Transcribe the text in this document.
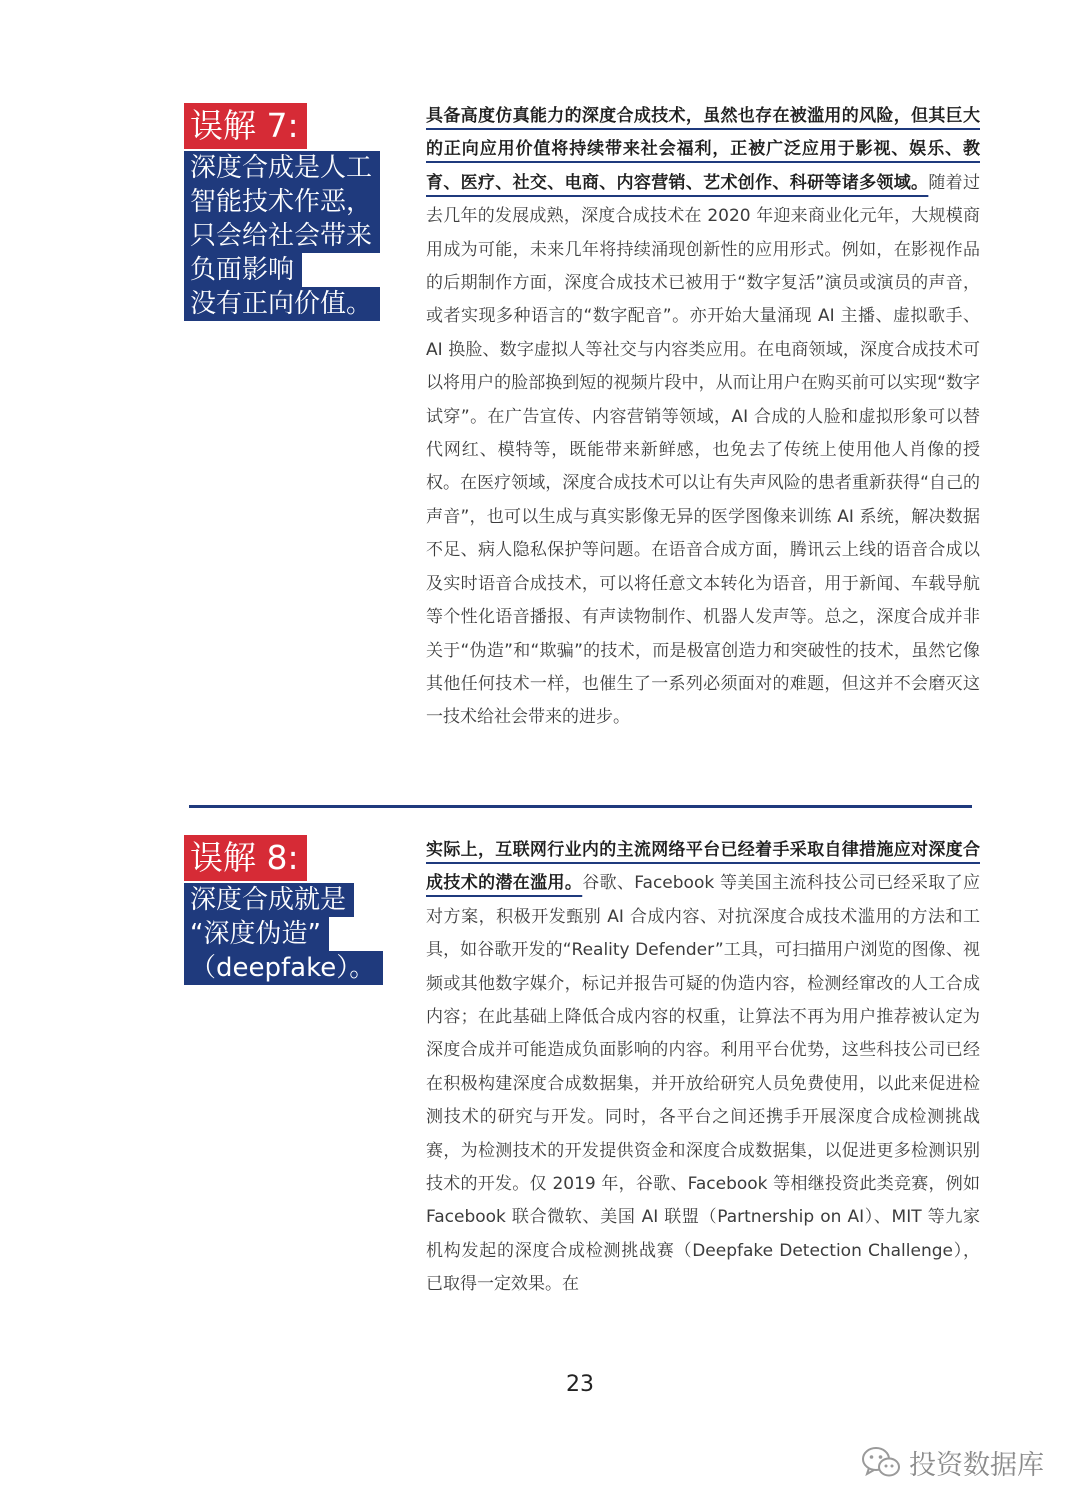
误解 7:
深度合成是人工
智能技术作恶，
只会给社会带来
负面影响
没有正向价值。
具备高度仿真能力的深度合成技术，虽然也存在被滥用的风险，但其巨大的正向应用价值将持续带来社会福利，正被广泛应用于影视、娱乐、教育、医疗、社交、电商、内容营销、艺术创作、科研等诸多领域。随着过去几年的发展成熟，深度合成技术在 2020 年迎来商业化元年，大规模商用成为可能，未来几年将持续涌现创新性的应用形式。例如，在影视作品的后期制作方面，深度合成技术已被用于“数字复活”演员或演员的声音，或者实现多种语言的“数字配音”。亦开始大量涌现 AI 主播、虚拟歌手、AI 换脸、数字虚拟人等社交与内容类应用。在电商领域，深度合成技术可以将用户的脸部换到短的视频片段中，从而让用户在购买前可以实现“数字试穿”。在广告宣传、内容营销等领域，AI 合成的人脸和虚拟形象可以替代网红、模特等，既能带来新鲜感，也免去了传统上使用他人肖像的授权。在医疗领域，深度合成技术可以让有失声风险的患者重新获得“自己的声音”，也可以生成与真实影像无异的医学图像来训练 AI 系统，解决数据不足、病人隐私保护等问题。在语音合成方面，腾讯云上线的语音合成以及实时语音合成技术，可以将任意文本转化为语音，用于新闻、车载导航等个性化语音播报、有声读物制作、机器人发声等。总之，深度合成并非关于“伪造”和“欺骗”的技术，而是极富创造力和突破性的技术，虽然它像其他任何技术一样，也催生了一系列必须面对的难题，但这并不会磨灭这一技术给社会带来的进步。
误解 8:
深度合成就是
“深度伪造”
（deepfake）。
实际上，互联网行业内的主流网络平台已经着手采取自律措施应对深度合成技术的潜在滥用。谷歌、Facebook 等美国主流科技公司已经采取了应对方案，积极开发甄别 AI 合成内容、对抗深度合成技术滥用的方法和工具，如谷歌开发的“Reality Defender”工具，可扫描用户浏览的图像、视频或其他数字媒介，标记并报告可疑的伪造内容，检测经窜改的人工合成内容；在此基础上降低合成内容的权重，让算法不再为用户推荐被认定为深度合成并可能造成负面影响的内容。利用平台优势，这些科技公司已经在积极构建深度合成数据集，并开放给研究人员免费使用，以此来促进检测技术的研究与开发。同时，各平台之间还携手开展深度合成检测挑战赛，为检测技术的开发提供资金和深度合成数据集，以促进更多检测识别技术的开发。仅 2019 年，谷歌、Facebook 等相继投资此类竞赛，例如 Facebook 联合微软、美国 AI 联盟（Partnership on AI）、MIT 等九家机构发起的深度合成检测挑战赛（Deepfake Detection Challenge），已取得一定效果。在
23
投资数据库
